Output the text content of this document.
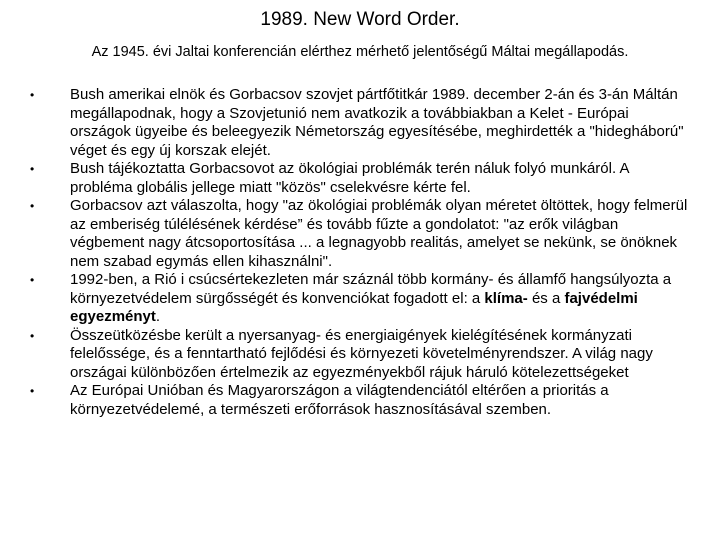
1989. New Word Order.
Az 1945. évi Jaltai konferencián elérthez mérhető jelentőségű Máltai megállapodás.
• Bush amerikai elnök és Gorbacsov szovjet pártfőtitkár 1989. december 2-án és 3-án Máltán megállapodnak, hogy a Szovjetunió nem avatkozik a továbbiakban a Kelet - Európai országok ügyeibe és beleegyezik Németország egyesítésébe, meghirdették a "hidegháború" véget és egy új korszak elejét.
• Bush tájékoztatta Gorbacsovot az ökológiai problémák terén náluk folyó munkáról. A probléma globális jellege miatt "közös" cselekvésre kérte fel.
• Gorbacsov azt válaszolta, hogy "az ökológiai problémák olyan méretet öltöttek, hogy felmerül az emberiség túlélésének kérdése” és tovább fűzte a gondolatot: "az erők világban végbement nagy átcsoportosítása ... a legnagyobb realitás, amelyet se nekünk, se önöknek nem szabad egymás ellen kihasználni".
• 1992-ben, a Rió i csúcsértekezleten már száznál több kormány- és államfő hangsúlyozta a környezetvédelem sürgősségét és konvenciókat fogadott el: a klíma- és a fajvédelmi egyezményt.
• Összeütközésbe került a nyersanyag- és energiaigények kielégítésének kormányzati felelőssége, és a fenntartható fejlődési és környezeti követelményrendszer. A világ nagy országai különbözően értelmezik az egyezményekből rájuk háruló kötelezettségeket
• Az Európai Unióban és Magyarországon a világtendenciától eltérően a prioritás a környezetvédelemé, a természeti erőforrások hasznosításával szemben.
